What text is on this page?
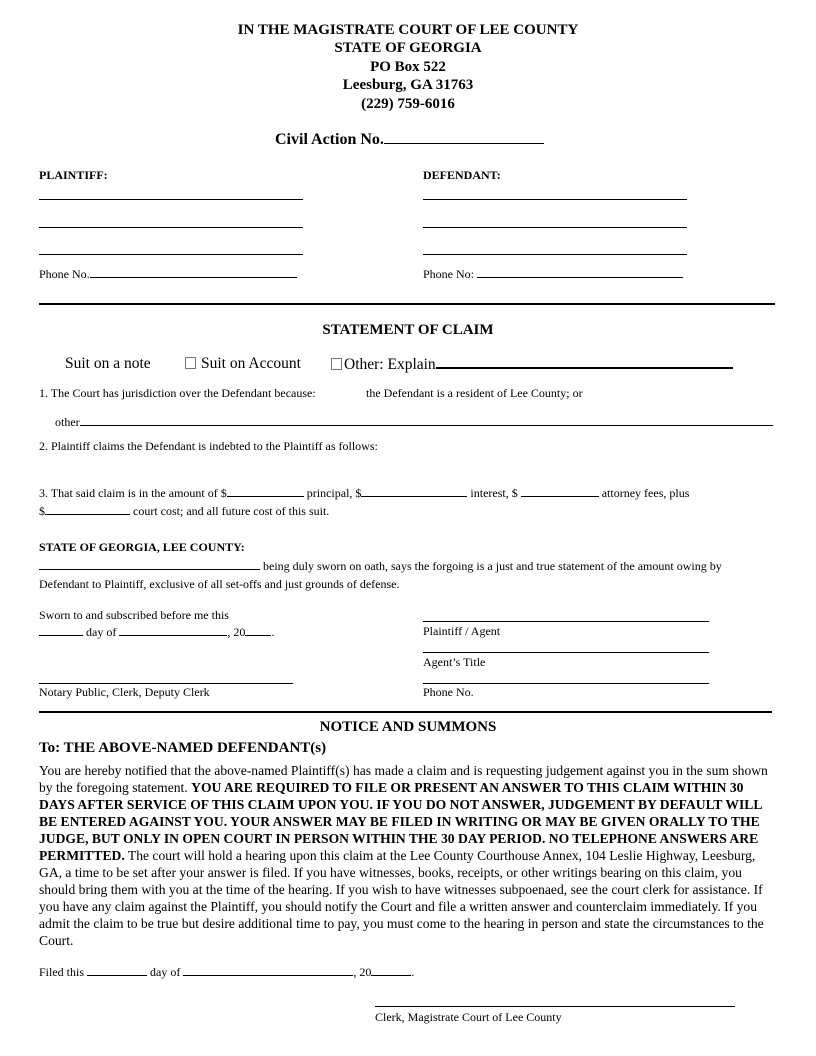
IN THE MAGISTRATE COURT OF LEE COUNTY
STATE OF GEORGIA
PO Box 522
Leesburg, GA 31763
(229) 759-6016
Civil Action No.
PLAINTIFF:	DEFENDANT:
Phone No.	Phone No:
STATEMENT OF CLAIM
Suit on a note	Suit on Account	Other: Explain
1. The Court has jurisdiction over the Defendant because:	the Defendant is a resident of Lee County; or
other
2. Plaintiff claims the Defendant is indebted to the Plaintiff as follows:
3. That said claim is in the amount of $	principal, $	interest, $	attorney fees, plus
$	court cost; and all future cost of this suit.
STATE OF GEORGIA, LEE COUNTY:
being duly sworn on oath, says the forgoing is a just and true statement of the amount owing by
Defendant to Plaintiff, exclusive of all set-offs and just grounds of defense.
Sworn to and subscribed before me this
day of	, 20 .	Plaintiff / Agent
Agent’s Title
Notary Public, Clerk, Deputy Clerk	Phone No.
NOTICE AND SUMMONS
To: THE ABOVE-NAMED DEFENDANT(s)
You are hereby notified that the above-named Plaintiff(s) has made a claim and is requesting judgement against you in the sum shown by the foregoing statement. YOU ARE REQUIRED TO FILE OR PRESENT AN ANSWER TO THIS CLAIM WITHIN 30 DAYS AFTER SERVICE OF THIS CLAIM UPON YOU. IF YOU DO NOT ANSWER, JUDGEMENT BY DEFAULT WILL BE ENTERED AGAINST YOU. YOUR ANSWER MAY BE FILED IN WRITING OR MAY BE GIVEN ORALLY TO THE JUDGE, BUT ONLY IN OPEN COURT IN PERSON WITHIN THE 30 DAY PERIOD. NO TELEPHONE ANSWERS ARE PERMITTED. The court will hold a hearing upon this claim at the Lee County Courthouse Annex, 104 Leslie Highway, Leesburg, GA, a time to be set after your answer is filed. If you have witnesses, books, receipts, or other writings bearing on this claim, you should bring them with you at the time of the hearing. If you wish to have witnesses subpoenaed, see the court clerk for assistance. If you have any claim against the Plaintiff, you should notify the Court and file a written answer and counterclaim immediately. If you admit the claim to be true but desire additional time to pay, you must come to the hearing in person and state the circumstances to the Court.
Filed this	day of	, 20	.
Clerk, Magistrate Court of Lee County
